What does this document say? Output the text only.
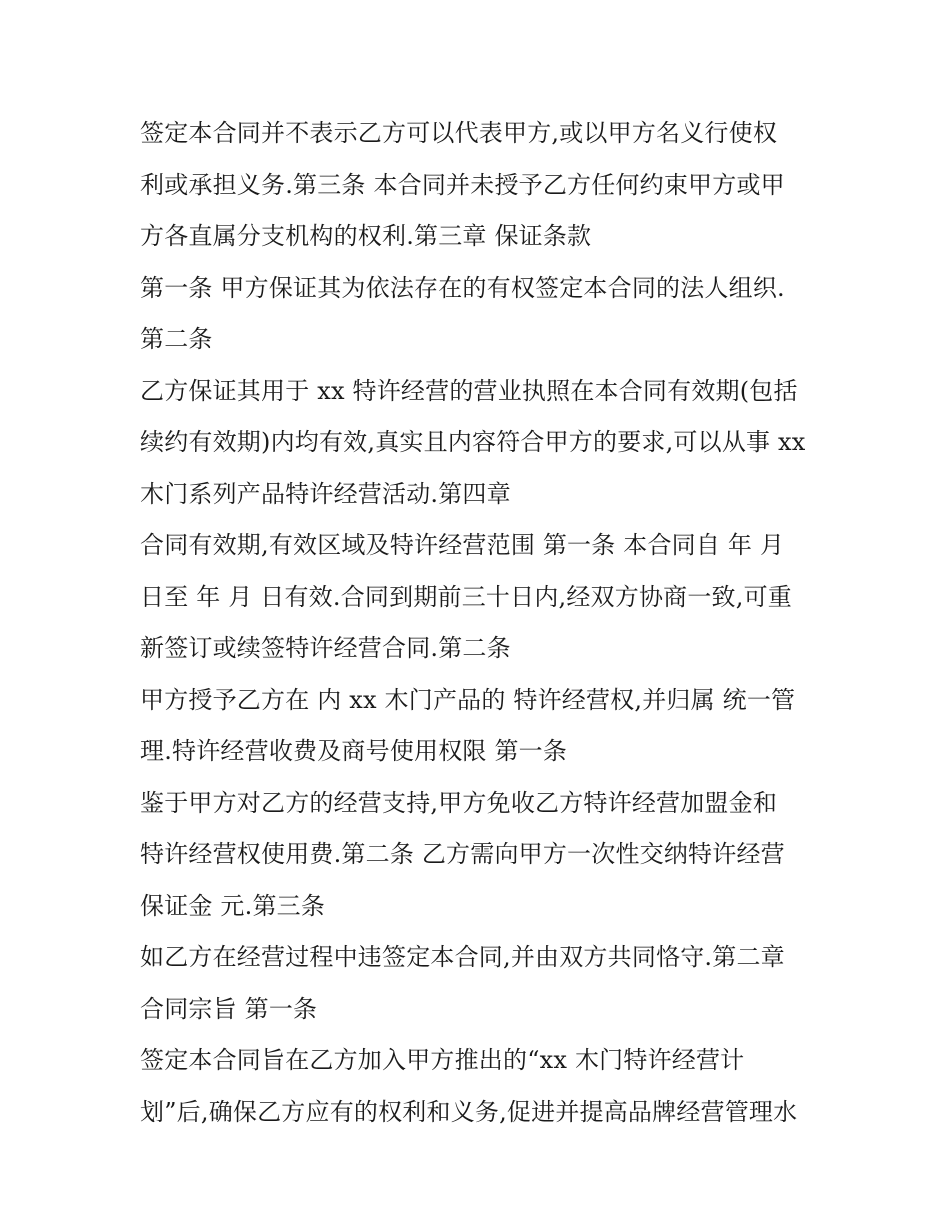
签定本合同并不表示乙方可以代表甲方,或以甲方名义行使权
利或承担义务.第三条 本合同并未授予乙方任何约束甲方或甲
方各直属分支机构的权利.第三章 保证条款
第一条 甲方保证其为依法存在的有权签定本合同的法人组织.
第二条
乙方保证其用于 xx 特许经营的营业执照在本合同有效期(包括
续约有效期)内均有效,真实且内容符合甲方的要求,可以从事 xx
木门系列产品特许经营活动.第四章
合同有效期,有效区域及特许经营范围 第一条 本合同自 年 月
日至 年 月 日有效.合同到期前三十日内,经双方协商一致,可重
新签订或续签特许经营合同.第二条
甲方授予乙方在 内 xx 木门产品的 特许经营权,并归属 统一管
理.特许经营收费及商号使用权限 第一条
鉴于甲方对乙方的经营支持,甲方免收乙方特许经营加盟金和
特许经营权使用费.第二条 乙方需向甲方一次性交纳特许经营
保证金 元.第三条
如乙方在经营过程中违签定本合同,并由双方共同恪守.第二章
合同宗旨 第一条
签定本合同旨在乙方加入甲方推出的“xx 木门特许经营计
划”后,确保乙方应有的权利和义务,促进并提高品牌经营管理水
